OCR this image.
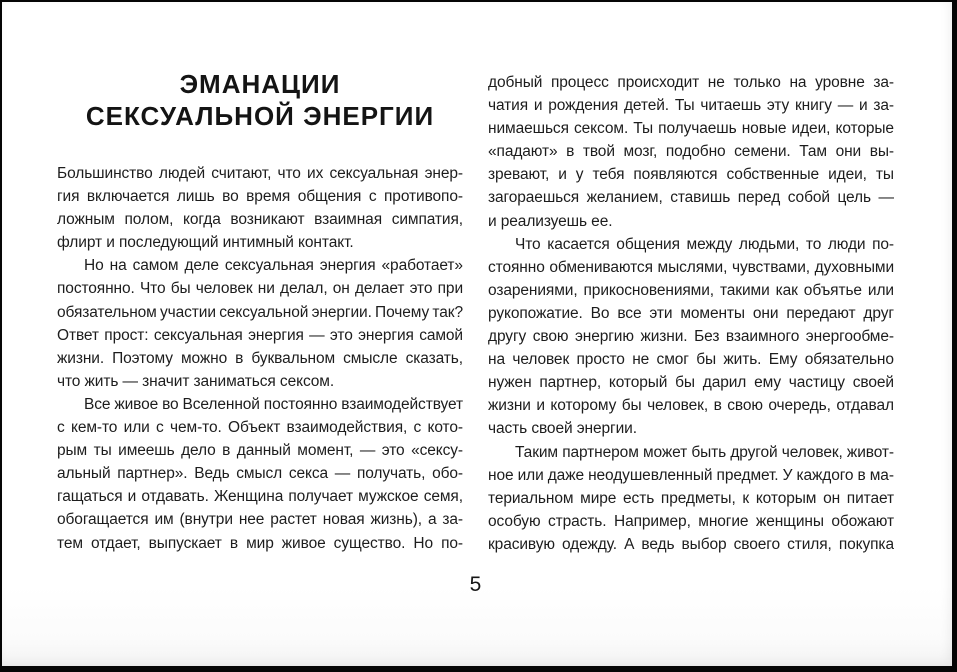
ЭМАНАЦИИ
СЕКСУАЛЬНОЙ ЭНЕРГИИ
Большинство людей считают, что их сексуальная энер-
гия включается лишь во время общения с противопо-
ложным полом, когда возникают взаимная симпатия,
флирт и последующий интимный контакт.
Но на самом деле сексуальная энергия «работает»
постоянно. Что бы человек ни делал, он делает это при
обязательном участии сексуальной энергии. Почему так?
Ответ прост: сексуальная энергия — это энергия самой
жизни. Поэтому можно в буквальном смысле сказать,
что жить — значит заниматься сексом.
Все живое во Вселенной постоянно взаимодействует
с кем-то или с чем-то. Объект взаимодействия, с кото-
рым ты имеешь дело в данный момент, — это «сексу-
альный партнер». Ведь смысл секса — получать, обо-
гащаться и отдавать. Женщина получает мужское семя,
обогащается им (внутри нее растет новая жизнь), а за-
тем отдает, выпускает в мир живое существо. Но по-
добный процесс происходит не только на уровне за-
чатия и рождения детей. Ты читаешь эту книгу — и за-
нимаешься сексом. Ты получаешь новые идеи, которые
«падают» в твой мозг, подобно семени. Там они вы-
зревают, и у тебя появляются собственные идеи, ты
загораешься желанием, ставишь перед собой цель —
и реализуешь ее.
Что касается общения между людьми, то люди по-
стоянно обмениваются мыслями, чувствами, духовными
озарениями, прикосновениями, такими как объятье или
рукопожатие. Во все эти моменты они передают друг
другу свою энергию жизни. Без взаимного энергообме-
на человек просто не смог бы жить. Ему обязательно
нужен партнер, который бы дарил ему частицу своей
жизни и которому бы человек, в свою очередь, отдавал
часть своей энергии.
Таким партнером может быть другой человек, живот-
ное или даже неодушевленный предмет. У каждого в ма-
териальном мире есть предметы, к которым он питает
особую страсть. Например, многие женщины обожают
красивую одежду. А ведь выбор своего стиля, покупка
5
